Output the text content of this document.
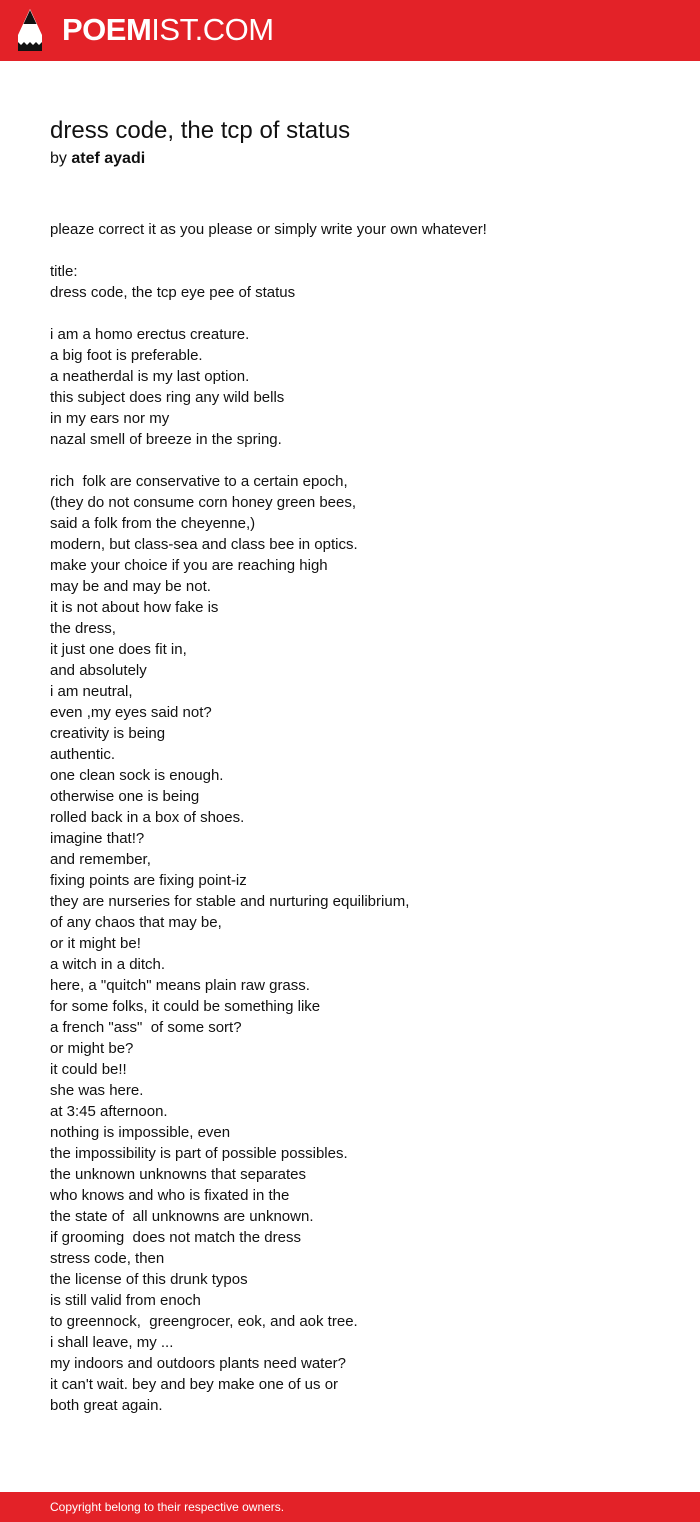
POEMIST.COM
dress code, the tcp of status
by atef ayadi
pleaze correct it as you please or simply write your own whatever!
title:
dress code, the tcp eye pee of status
i am a homo erectus creature.
a big foot is preferable.
a neatherdal is my last option.
this subject does ring any wild bells
in my ears nor my
nazal smell of breeze in the spring.
rich  folk are conservative to a certain epoch,
(they do not consume corn honey green bees,
said a folk from the cheyenne,)
modern, but class-sea and class bee in optics.
make your choice if you are reaching high
may be and may be not.
it is not about how fake is
the dress,
it just one does fit in,
and absolutely
i am neutral,
even ,my eyes said not?
creativity is being
authentic.
one clean sock is enough.
otherwise one is being
rolled back in a box of shoes.
imagine that!?
and remember,
fixing points are fixing point-iz
they are nurseries for stable and nurturing equilibrium,
of any chaos that may be,
or it might be!
a witch in a ditch.
here, a "quitch" means plain raw grass.
for some folks, it could be something like
a french "ass"  of some sort?
or might be?
it could be!!
she was here.
at 3:45 afternoon.
nothing is impossible, even
the impossibility is part of possible possibles.
the unknown unknowns that separates
who knows and who is fixated in the
the state of  all unknowns are unknown.
if grooming  does not match the dress
stress code, then
the license of this drunk typos
is still valid from enoch
to greennock,  greengrocer, eok, and aok tree.
i shall leave, my ...
my indoors and outdoors plants need water?
it can't wait. bey and bey make one of us or
both great again.
Copyright belong to their respective owners.
